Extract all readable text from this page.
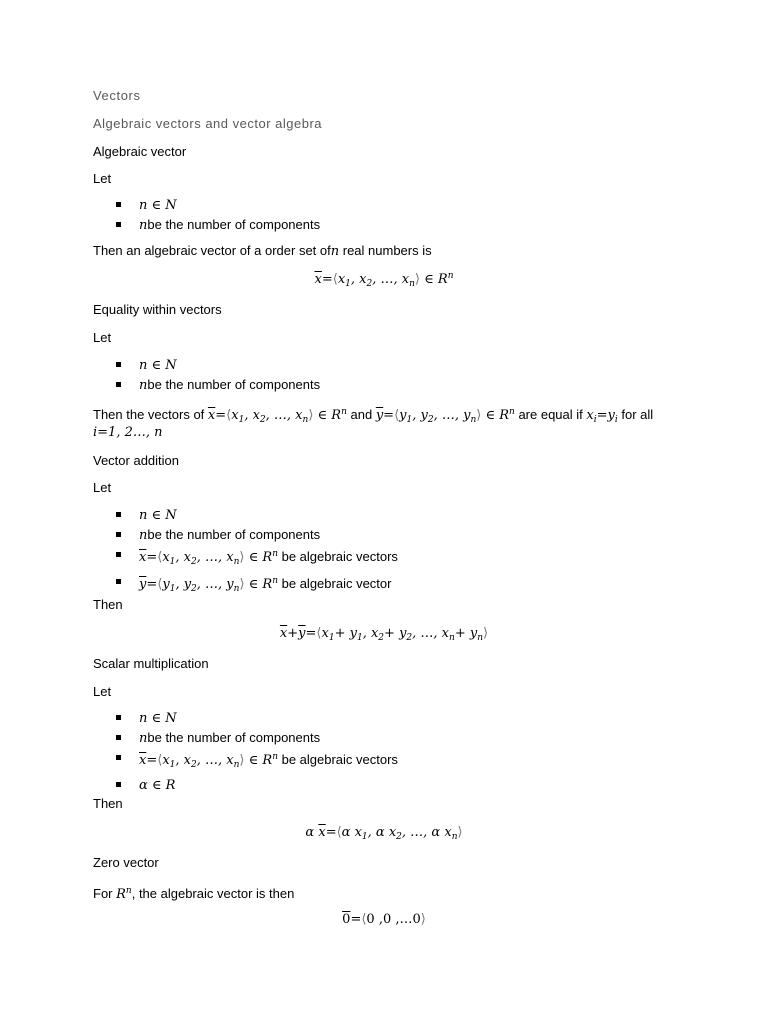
Vectors
Algebraic vectors and vector algebra
Algebraic vector
Let
n ∈ N
nbe the number of components
Then an algebraic vector of a order set ofn real numbers is
$\overline{x}=⟨x_1$, $x_2$, …, $x_n⟩$ ∈ $R^n$
Equality within vectors
Let
n ∈ N
nbe the number of components
Then the vectors of $\overline{x}=⟨x_1$, $x_2$, …, $x_n⟩$ ∈ $R^n$ and $\overline{y}=⟨y_1$, $y_2$, …, $y_n⟩$ ∈ $R^n$ are equal if $x_i=y_i$ for all
i=1, 2…, n
Vector addition
Let
n ∈ N
nbe the number of components
$\overline{x}=⟨x_1$, $x_2$, …, $x_n⟩$ ∈ $R^n$ be algebraic vectors
$\overline{y}=⟨y_1$, $y_2$, …, $y_n⟩$ ∈ $R^n$ be algebraic vector
Then
$\overline{x}+\overline{y}=⟨x_1+ y_1$, $x_2+ y_2$, …, $x_n+$ $y_n⟩$
Scalar multiplication
Let
n ∈ N
nbe the number of components
$\overline{x}=⟨x_1$, $x_2$, …, $x_n⟩$ ∈ $R^n$ be algebraic vectors
α ∈ R
Then
α $\overline{x}=⟨\alpha$ $x_1$, α $x_2$, …, α $x_n⟩$
Zero vector
For $R^n$, the algebraic vector is then
0=⟨0 ,0 ,…0⟩
